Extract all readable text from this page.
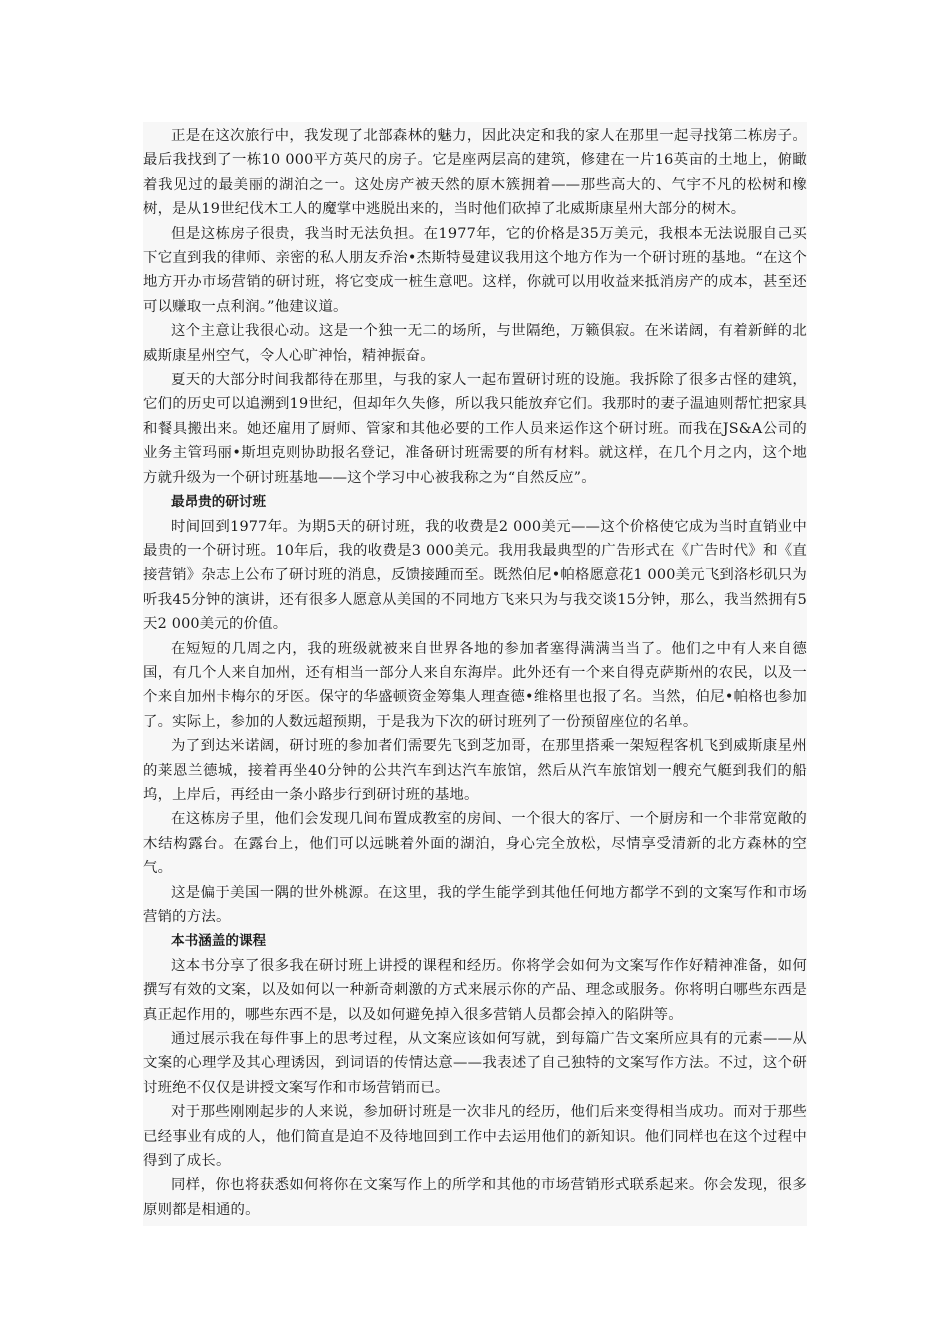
正是在这次旅行中，我发现了北部森林的魅力，因此决定和我的家人在那里一起寻找第二栋房子。最后我找到了一栋10 000平方英尺的房子。它是座两层高的建筑，修建在一片16英亩的土地上，俯瞰着我见过的最美丽的湖泊之一。这处房产被天然的原木簇拥着——那些高大的、气宇不凡的松树和橡树，是从19世纪伐木工人的魔掌中逃脱出来的，当时他们砍掉了北威斯康星州大部分的树木。

但是这栋房子很贵，我当时无法负担。在1977年，它的价格是35万美元，我根本无法说服自己买下它直到我的律师、亲密的私人朋友乔治•杰斯特曼建议我用这个地方作为一个研讨班的基地。“在这个地方开办市场营销的研讨班，将它变成一桩生意吧。这样，你就可以用收益来抵消房产的成本，甚至还可以赚取一点利润。”他建议道。

这个主意让我很心动。这是一个独一无二的场所，与世隔绝，万籁俱寂。在米诺阔，有着新鲜的北威斯康星州空气，令人心旷神怡，精神振奋。

夏天的大部分时间我都待在那里，与我的家人一起布置研讨班的设施。我拆除了很多古怪的建筑，它们的历史可以追溯到19世纪，但却年久失修，所以我只能放弃它们。我那时的妻子温迪则帮忙把家具和餐具搬出来。她还雇用了厨师、管家和其他必要的工作人员来运作这个研讨班。而我在JS&A公司的业务主管玛丽•斯坦克则协助报名登记，准备研讨班需要的所有材料。就这样，在几个月之内，这个地方就升级为一个研讨班基地——这个学习中心被我称之为“自然反应”。

最昂贵的研讨班

时间回到1977年。为期5天的研讨班，我的收费是2 000美元——这个价格使它成为当时直销业中最贵的一个研讨班。10年后，我的收费是3 000美元。我用我最典型的广告形式在《广告时代》和《直接营销》杂志上公布了研讨班的消息，反馈接踵而至。既然伯尼•帕格愿意花1 000美元飞到洛杉矶只为听我45分钟的演讲，还有很多人愿意从美国的不同地方飞来只为与我交谈15分钟，那么，我当然拥有5天2 000美元的价值。

在短短的几周之内，我的班级就被来自世界各地的参加者塞得满满当当了。他们之中有人来自德国，有几个人来自加州，还有相当一部分人来自东海岸。此外还有一个来自得克萨斯州的农民，以及一个来自加州卡梅尔的牙医。保守的华盛顿资金筹集人理查德•维格里也报了名。当然，伯尼•帕格也参加了。实际上，参加的人数远超预期，于是我为下次的研讨班列了一份预留座位的名单。

为了到达米诺阔，研讨班的参加者们需要先飞到芝加哥，在那里搭乘一架短程客机飞到威斯康星州的莱恩兰德城，接着再坐40分钟的公共汽车到达汽车旅馆，然后从汽车旅馆划一艘充气艇到我们的船坞，上岸后，再经由一条小路步行到研讨班的基地。

在这栋房子里，他们会发现几间布置成教室的房间、一个很大的客厅、一个厨房和一个非常宽敞的木结构露台。在露台上，他们可以远眺着外面的湖泊，身心完全放松，尽情享受清新的北方森林的空气。

这是偏于美国一隅的世外桃源。在这里，我的学生能学到其他任何地方都学不到的文案写作和市场营销的方法。

本书涵盖的课程

这本书分享了很多我在研讨班上讲授的课程和经历。你将学会如何为文案写作作好精神准备，如何撰写有效的文案，以及如何以一种新奇刺激的方式来展示你的产品、理念或服务。你将明白哪些东西是真正起作用的，哪些东西不是，以及如何避免掉入很多营销人员都会掉入的陷阱等。

通过展示我在每件事上的思考过程，从文案应该如何写就，到每篇广告文案所应具有的元素——从文案的心理学及其心理诱因，到词语的传情达意——我表述了自己独特的文案写作方法。不过，这个研讨班绝不仅仅是讲授文案写作和市场营销而已。

对于那些刚刚起步的人来说，参加研讨班是一次非凡的经历，他们后来变得相当成功。而对于那些已经事业有成的人，他们简直是迫不及待地回到工作中去运用他们的新知识。他们同样也在这个过程中得到了成长。

同样，你也将获悉如何将你在文案写作上的所学和其他的市场营销形式联系起来。你会发现，很多原则都是相通的。
